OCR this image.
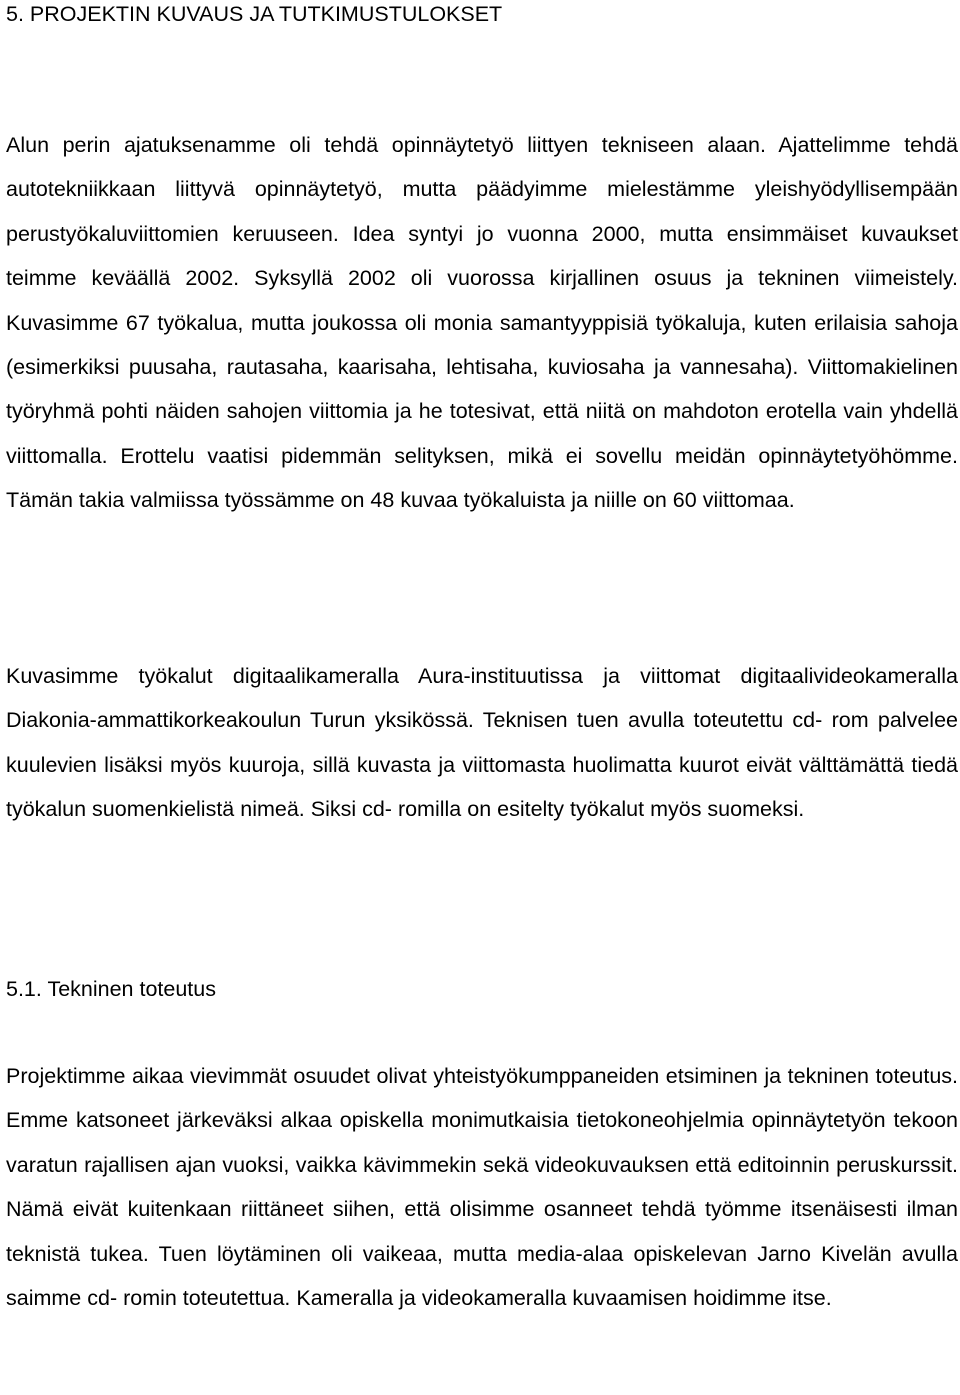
5. PROJEKTIN KUVAUS JA TUTKIMUSTULOKSET

Alun perin ajatuksenamme oli tehdä opinnäytetyö liittyen tekniseen alaan. Ajattelimme tehdä autotekniikkaan liittyvä opinnäytetyö, mutta päädyimme mielestämme yleishyödyllisempään perustyökaluviittomien keruuseen. Idea syntyi jo vuonna 2000, mutta ensimmäiset kuvaukset teimme keväällä 2002. Syksyllä 2002 oli vuorossa kirjallinen osuus ja tekninen viimeistely. Kuvasimme 67 työkalua, mutta joukossa oli monia samantyyppisiä työkaluja, kuten erilaisia sahoja (esimerkiksi puusaha, rautasaha, kaarisaha, lehtisaha, kuviosaha ja vannesaha). Viittomakielinen työryhmä pohti näiden sahojen viittomia ja he totesivat, että niitä on mahdoton erotella vain yhdellä viittomalla. Erottelu vaatisi pidemmän selityksen, mikä ei sovellu meidän opinnäytetyöhömme. Tämän takia valmiissa työssämme on 48 kuvaa työkaluista ja niille on 60 viittomaa.

Kuvasimme työkalut digitaalikameralla Aura-instituutissa ja viittomat digitaalivideokameralla Diakonia-ammattikorkeakoulun Turun yksikössä. Teknisen tuen avulla toteutettu cd- rom palvelee kuulevien lisäksi myös kuuroja, sillä kuvasta ja viittomasta huolimatta kuurot eivät välttämättä tiedä työkalun suomenkielistä nimeä. Siksi cd- romilla on esitelty työkalut myös suomeksi.

5.1. Tekninen toteutus

Projektimme aikaa vievimmät osuudet olivat yhteistyökumppaneiden etsiminen ja tekninen toteutus. Emme katsoneet järkeväksi alkaa opiskella monimutkaisia tietokoneohjelmia opinnäytetyön tekoon varatun rajallisen ajan vuoksi, vaikka kävimmekin sekä videokuvauksen että editoinnin peruskurssit. Nämä eivät kuitenkaan riittäneet siihen, että olisimme osanneet tehdä työmme itsenäisesti ilman teknistä tukea. Tuen löytäminen oli vaikeaa, mutta media-alaa opiskelevan Jarno Kivelän avulla saimme cd- romin toteutettua. Kameralla ja videokameralla kuvaamisen hoidimme itse.
